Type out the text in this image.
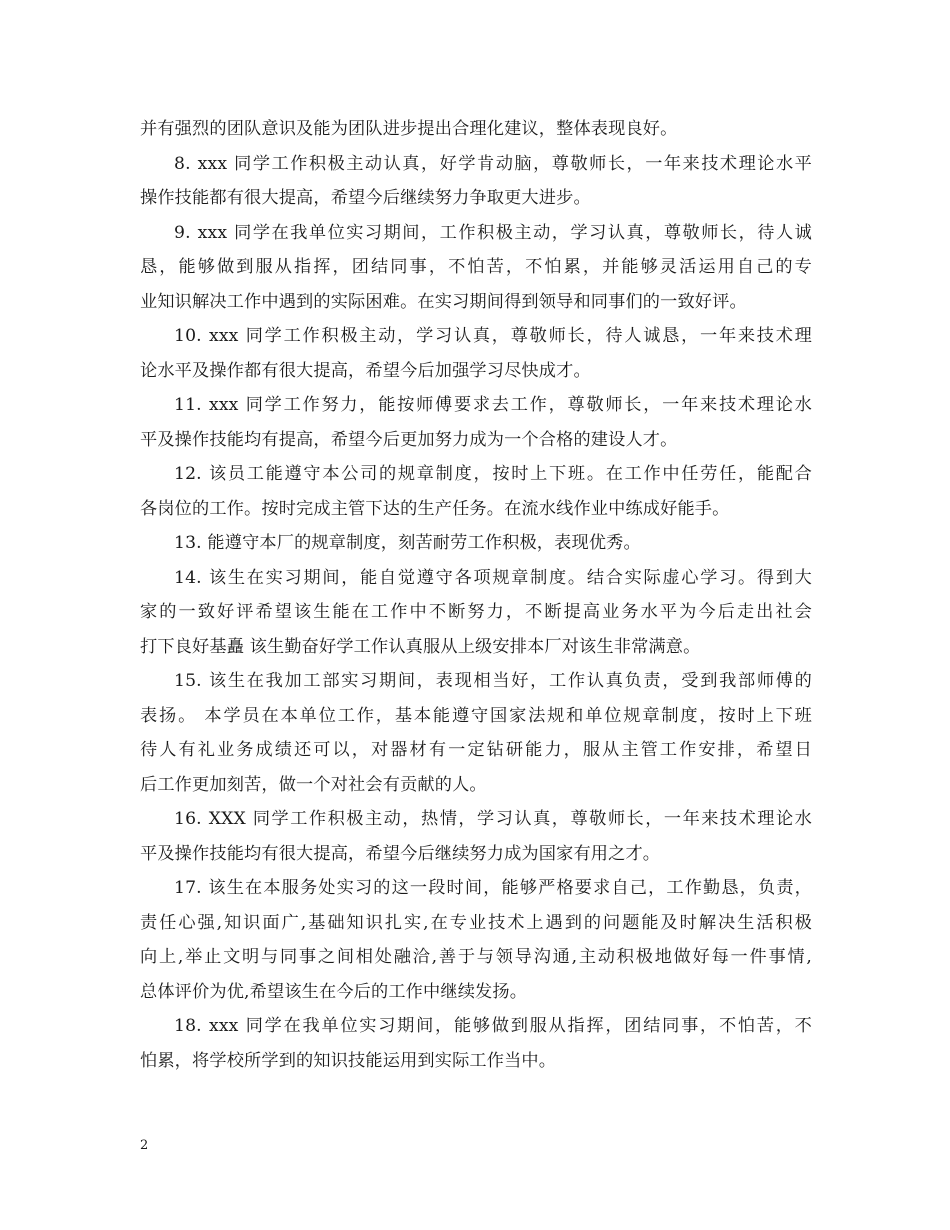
并有强烈的团队意识及能为团队进步提出合理化建议，整体表现良好。
8. xxx 同学工作积极主动认真，好学肯动脑，尊敬师长，一年来技术理论水平
操作技能都有很大提高，希望今后继续努力争取更大进步。
9. xxx 同学在我单位实习期间，工作积极主动，学习认真，尊敬师长，待人诚
恳，能够做到服从指挥，团结同事，不怕苦，不怕累，并能够灵活运用自己的专
业知识解决工作中遇到的实际困难。在实习期间得到领导和同事们的一致好评。
10. xxx 同学工作积极主动，学习认真，尊敬师长，待人诚恳，一年来技术理
论水平及操作都有很大提高，希望今后加强学习尽快成才。
11. xxx 同学工作努力，能按师傅要求去工作，尊敬师长，一年来技术理论水
平及操作技能均有提高，希望今后更加努力成为一个合格的建设人才。
12. 该员工能遵守本公司的规章制度，按时上下班。在工作中任劳任，能配合
各岗位的工作。按时完成主管下达的生产任务。在流水线作业中练成好能手。
13. 能遵守本厂的规章制度，刻苦耐劳工作积极，表现优秀。
14. 该生在实习期间，能自觉遵守各项规章制度。结合实际虚心学习。得到大
家的一致好评希望该生能在工作中不断努力，不断提高业务水平为今后走出社会
打下良好基矗 该生勤奋好学工作认真服从上级安排本厂对该生非常满意。
15. 该生在我加工部实习期间，表现相当好，工作认真负责，受到我部师傅的
表扬。 本学员在本单位工作，基本能遵守国家法规和单位规章制度，按时上下班
待人有礼业务成绩还可以，对器材有一定钻研能力，服从主管工作安排，希望日
后工作更加刻苦，做一个对社会有贡献的人。
16. XXX 同学工作积极主动，热情，学习认真，尊敬师长，一年来技术理论水
平及操作技能均有很大提高，希望今后继续努力成为国家有用之才。
17. 该生在本服务处实习的这一段时间，能够严格要求自己，工作勤恳，负责，
责任心强,知识面广,基础知识扎实,在专业技术上遇到的问题能及时解决生活积极
向上,举止文明与同事之间相处融洽,善于与领导沟通,主动积极地做好每一件事情,
总体评价为优,希望该生在今后的工作中继续发扬。
18. xxx 同学在我单位实习期间，能够做到服从指挥，团结同事，不怕苦，不
怕累，将学校所学到的知识技能运用到实际工作当中。
2
